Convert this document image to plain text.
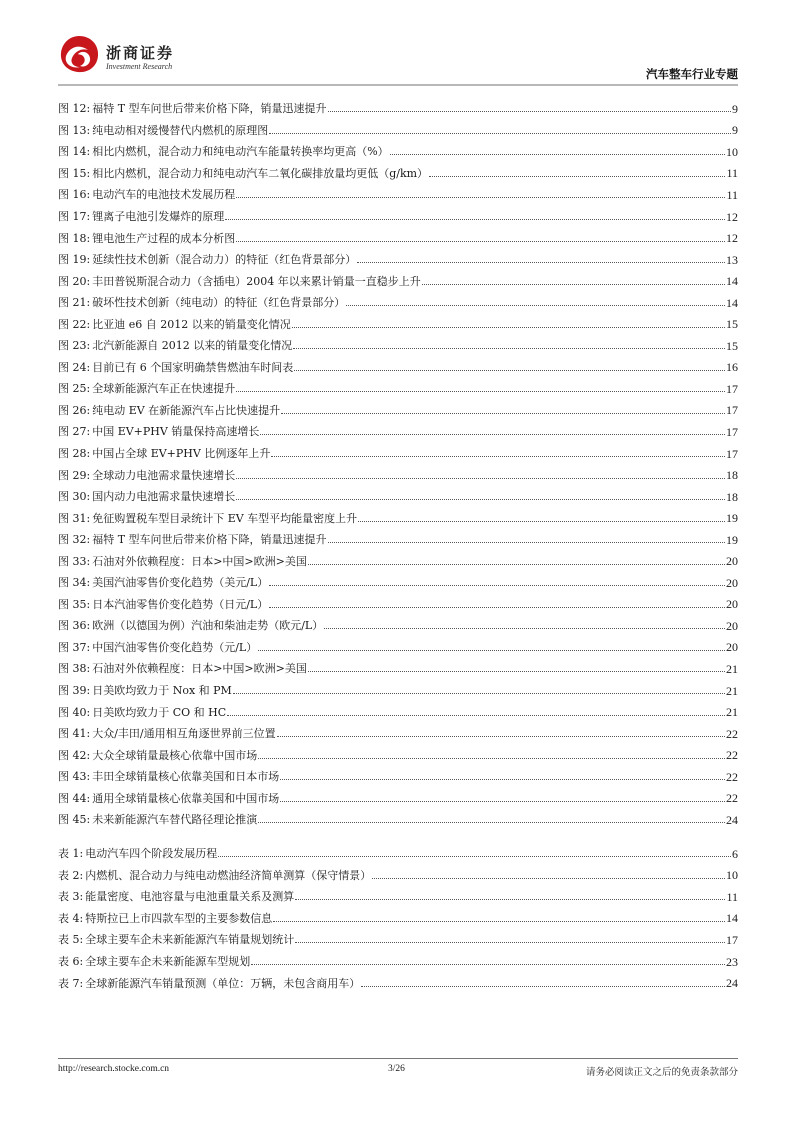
浙商证券
Investment Research
汽车整车行业专题
图 12: 福特 T 型车问世后带来价格下降，销量迅速提升	9
图 13: 纯电动相对缓慢替代内燃机的原理图	9
图 14: 相比内燃机，混合动力和纯电动汽车能量转换率均更高（%）	10
图 15: 相比内燃机，混合动力和纯电动汽车二氧化碳排放量均更低（g/km）	11
图 16: 电动汽车的电池技术发展历程	11
图 17: 锂离子电池引发爆炸的原理	12
图 18: 锂电池生产过程的成本分析图	12
图 19: 延续性技术创新（混合动力）的特征（红色背景部分）	13
图 20: 丰田普锐斯混合动力（含插电）2004 年以来累计销量一直稳步上升	14
图 21: 破坏性技术创新（纯电动）的特征（红色背景部分）	14
图 22: 比亚迪 e6 自 2012 以来的销量变化情况	15
图 23: 北汽新能源自 2012 以来的销量变化情况	15
图 24: 目前已有 6 个国家明确禁售燃油车时间表	16
图 25: 全球新能源汽车正在快速提升	17
图 26: 纯电动 EV 在新能源汽车占比快速提升	17
图 27: 中国 EV+PHV 销量保持高速增长	17
图 28: 中国占全球 EV+PHV 比例逐年上升	17
图 29: 全球动力电池需求量快速增长	18
图 30: 国内动力电池需求量快速增长	18
图 31: 免征购置税车型目录统计下 EV 车型平均能量密度上升	19
图 32: 福特 T 型车问世后带来价格下降，销量迅速提升	19
图 33: 石油对外依赖程度：日本>中国>欧洲>美国	20
图 34: 美国汽油零售价变化趋势（美元/L）	20
图 35: 日本汽油零售价变化趋势（日元/L）	20
图 36: 欧洲（以德国为例）汽油和柴油走势（欧元/L）	20
图 37: 中国汽油零售价变化趋势（元/L）	20
图 38: 石油对外依赖程度：日本>中国>欧洲>美国	21
图 39: 日美欧均致力于 Nox 和 PM	21
图 40: 日美欧均致力于 CO 和 HC	21
图 41: 大众/丰田/通用相互角逐世界前三位置	22
图 42: 大众全球销量最核心依靠中国市场	22
图 43: 丰田全球销量核心依靠美国和日本市场	22
图 44: 通用全球销量核心依靠美国和中国市场	22
图 45: 未来新能源汽车替代路径理论推演	24
表 1: 电动汽车四个阶段发展历程	6
表 2: 内燃机、混合动力与纯电动燃油经济简单测算（保守情景）	10
表 3: 能量密度、电池容量与电池重量关系及测算	11
表 4: 特斯拉已上市四款车型的主要参数信息	14
表 5: 全球主要车企未来新能源汽车销量规划统计	17
表 6: 全球主要车企未来新能源车型规划	23
表 7: 全球新能源汽车销量预测（单位：万辆，未包含商用车）	24
http://research.stocke.com.cn	3/26	请务必阅读正文之后的免责条款部分
